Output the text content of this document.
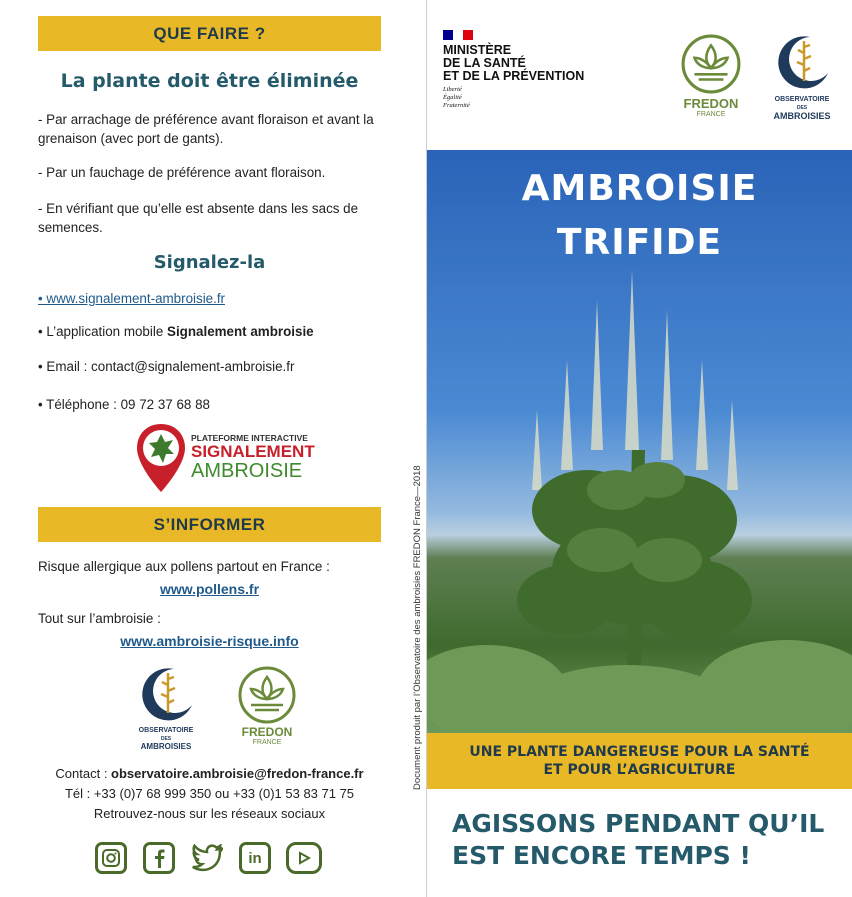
QUE FAIRE ?
La plante doit être éliminée
- Par arrachage de préférence avant floraison et avant la grenaison (avec port de gants).
- Par un fauchage de préférence avant floraison.
- En vérifiant que qu’elle est absente dans les sacs de semences.
Signalez-la
• www.signalement-ambroisie.fr
• L’application mobile Signalement ambroisie
• Email : contact@signalement-ambroisie.fr
• Téléphone : 09 72 37 68 88
PLATEFORME INTERACTIVE
SIGNALEMENT
AMBROISIE
S’INFORMER
Risque allergique aux pollens partout en France :
www.pollens.fr
Tout sur l’ambroisie :
www.ambroisie-risque.info
OBSERVATOIRE
DES
AMBROISIES
FREDON
FRANCE
Contact : observatoire.ambroisie@fredon-france.fr
Tél : +33 (0)7 68 999 350 ou +33 (0)1 53 83 71 75
Retrouvez-nous sur les réseaux sociaux
in
Document produit par l’Observatoire des ambroisies FREDON France—2018
MINISTÈRE
DE LA SANTÉ
ET DE LA PRÉVENTION
Liberté
Égalité
Fraternité	FREDON
FRANCE
OBSERVATOIRE
DES
AMBROISIES
AMBROISIE
TRIFIDE
UNE PLANTE DANGEREUSE POUR LA SANTÉ
ET POUR L’AGRICULTURE
AGISSONS PENDANT QU’IL
EST ENCORE TEMPS !
